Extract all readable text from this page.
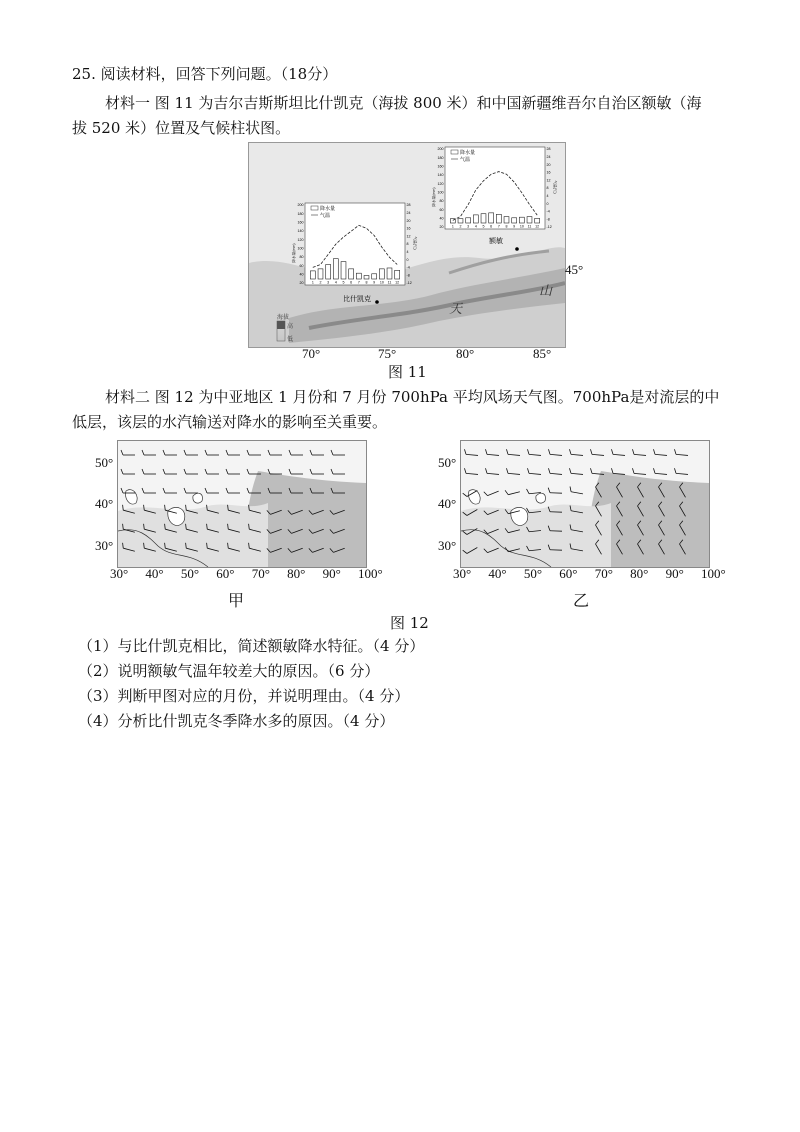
25. 阅读材料，回答下列问题。（18分）
材料一 图 11 为吉尔吉斯斯坦比什凯克（海拔 800 米）和中国新疆维吾尔自治区额敏（海
拔 520 米）位置及气候柱状图。
海拔
高
低
1 2 3 4 5 6 7 8 9 10 11 12
200
180
160
140
120
100
80
60
40
20
28
24
20
16
12
8
4
0
-4
-8
-12
降水量(mm)
气温(℃)
降水量
气温
比什凯克
1 2 3 4 5 6 7 8 9 10 11 12
200
180
160
140
120
100
80
60
40
20
28
24
20
16
12
8
4
0
-4
-8
-12
降水量(mm)
气温(℃)
降水量
气温
额敏
天
山
45°
70°	75°	80°	85°
图 11
材料二 图 12 为中亚地区 1 月份和 7 月份 700hPa 平均风场天气图。700hPa是对流层的中
低层，该层的水汽输送对降水的影响至关重要。
50°
40°
30°
30° 40° 50° 60° 70° 80° 90° 100°
甲
50°
40°
30°
30° 40° 50° 60° 70° 80° 90° 100°
乙
图 12
（1）与比什凯克相比，简述额敏降水特征。（4 分）
（2）说明额敏气温年较差大的原因。（6 分）
（3）判断甲图对应的月份，并说明理由。（4 分）
（4）分析比什凯克冬季降水多的原因。（4 分）
